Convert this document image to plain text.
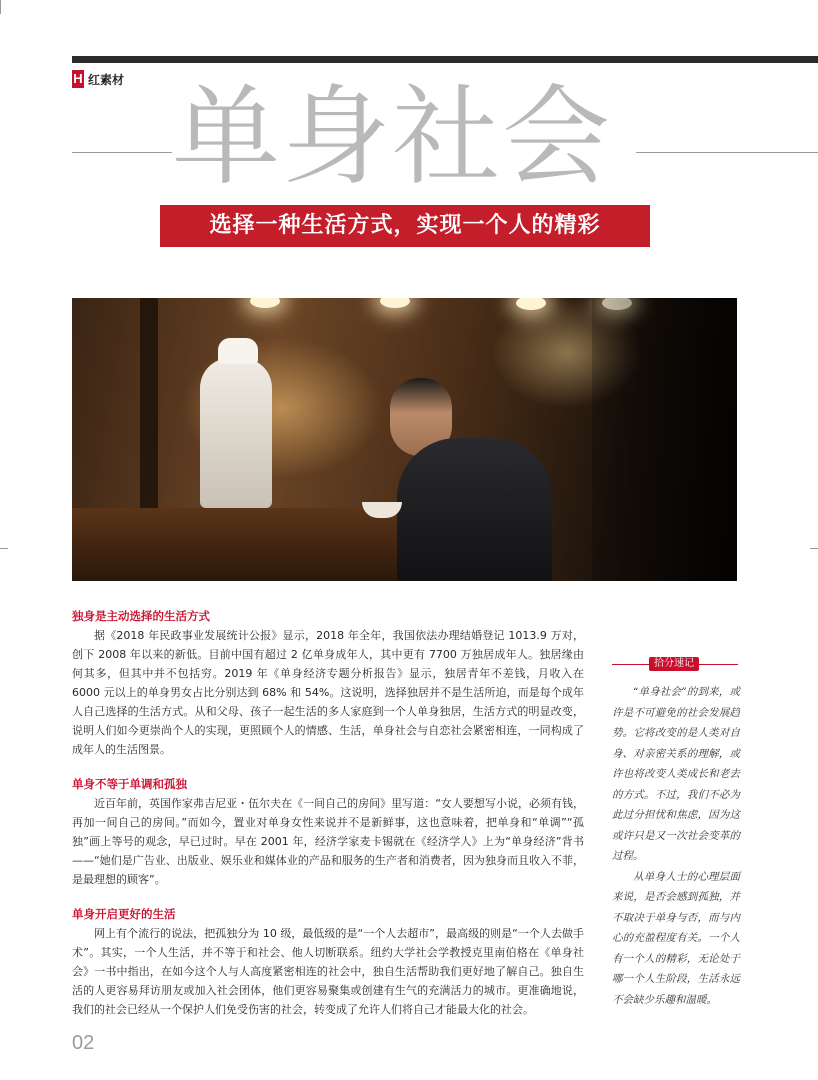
H 红素材 单身社会
选择一种生活方式，实现一个人的精彩
独身是主动选择的生活方式

据《2018 年民政事业发展统计公报》显示，2018 年全年，我国依法办理结婚登记 1013.9 万对，创下 2008 年以来的新低。目前中国有超过 2 亿单身成年人，其中更有 7700 万独居成年人。独居缘由何其多，但其中并不包括穷。2019 年《单身经济专题分析报告》显示，独居青年不差钱，月收入在 6000 元以上的单身男女占比分别达到 68% 和 54%。这说明，选择独居并不是生活所迫，而是每个成年人自己选择的生活方式。从和父母、孩子一起生活的多人家庭到一个人单身独居，生活方式的明显改变，说明人们如今更崇尚个人的实现，更照顾个人的情感、生活，单身社会与自恋社会紧密相连，一同构成了成年人的生活图景。

单身不等于单调和孤独

近百年前，英国作家弗吉尼亚・伍尔夫在《一间自己的房间》里写道：“女人要想写小说，必须有钱，再加一间自己的房间。”而如今，置业对单身女性来说并不是新鲜事，这也意味着，把单身和“单调”“孤独”画上等号的观念，早已过时。早在 2001 年，经济学家麦卡锡就在《经济学人》上为“单身经济”背书——“她们是广告业、出版业、娱乐业和媒体业的产品和服务的生产者和消费者，因为独身而且收入不菲，是最理想的顾客”。

单身开启更好的生活

网上有个流行的说法，把孤独分为 10 级，最低级的是“一个人去超市”，最高级的则是“一个人去做手术”。其实，一个人生活，并不等于和社会、他人切断联系。纽约大学社会学教授克里南伯格在《单身社会》一书中指出，在如今这个人与人高度紧密相连的社会中，独自生活帮助我们更好地了解自己。独自生活的人更容易拜访朋友或加入社会团体，他们更容易聚集或创建有生气的充满活力的城市。更准确地说，我们的社会已经从一个保护人们免受伤害的社会，转变成了允许人们将自己才能最大化的社会。

拾分速记

“单身社会”的到来，或许是不可避免的社会发展趋势。它将改变的是人类对自身、对亲密关系的理解，或许也将改变人类成长和老去的方式。不过，我们不必为此过分担忧和焦虑，因为这或许只是又一次社会变革的过程。

从单身人士的心理层面来说，是否会感到孤独，并不取决于单身与否，而与内心的充盈程度有关。一个人有一个人的精彩，无论处于哪一个人生阶段，生活永远不会缺少乐趣和温暖。

02
